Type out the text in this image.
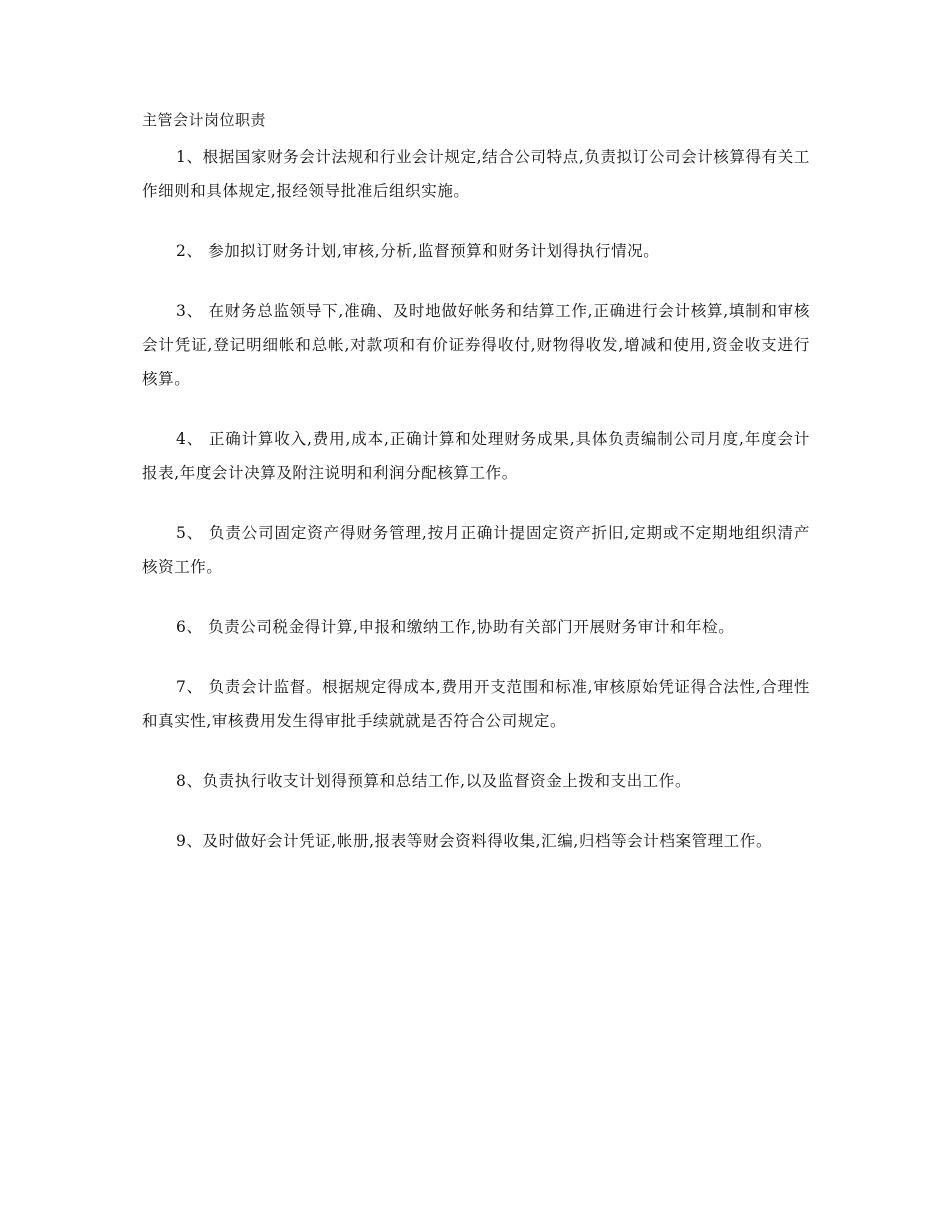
主管会计岗位职责

1、根据国家财务会计法规和行业会计规定,结合公司特点,负责拟订公司会计核算得有关工作细则和具体规定,报经领导批准后组织实施。

2、 参加拟订财务计划,审核,分析,监督预算和财务计划得执行情况。

3、 在财务总监领导下,准确、及时地做好帐务和结算工作,正确进行会计核算,填制和审核会计凭证,登记明细帐和总帐,对款项和有价证券得收付,财物得收发,增减和使用,资金收支进行核算。

4、 正确计算收入,费用,成本,正确计算和处理财务成果,具体负责编制公司月度,年度会计报表,年度会计决算及附注说明和利润分配核算工作。

5、 负责公司固定资产得财务管理,按月正确计提固定资产折旧,定期或不定期地组织清产核资工作。

6、 负责公司税金得计算,申报和缴纳工作,协助有关部门开展财务审计和年检。

7、 负责会计监督。根据规定得成本,费用开支范围和标准,审核原始凭证得合法性,合理性和真实性,审核费用发生得审批手续就就是否符合公司规定。

8、负责执行收支计划得预算和总结工作,以及监督资金上拨和支出工作。

9、及时做好会计凭证,帐册,报表等财会资料得收集,汇编,归档等会计档案管理工作。
